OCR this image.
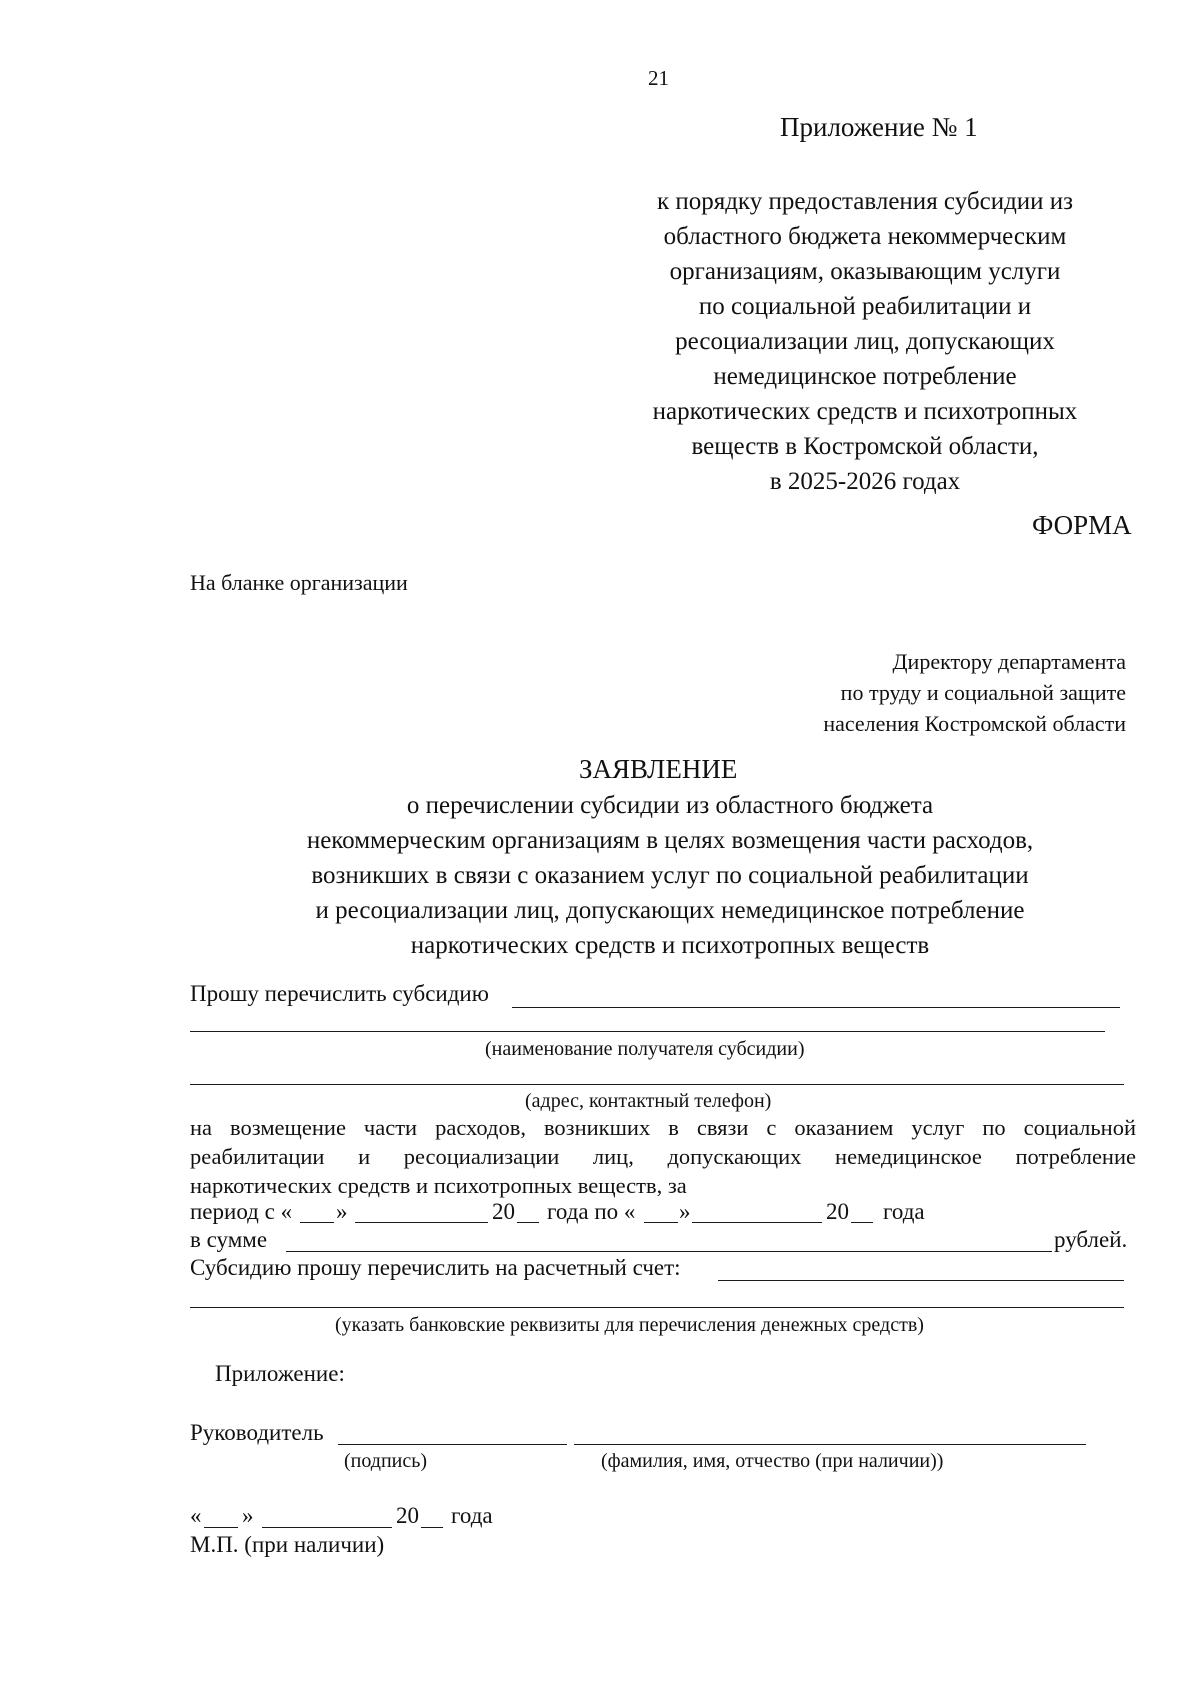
21
Приложение № 1
к порядку предоставления субсидии из
областного бюджета некоммерческим
организациям, оказывающим услуги
по социальной реабилитации и
ресоциализации лиц, допускающих
немедицинское потребление
наркотических средств и психотропных
веществ в Костромской области,
в 2025-2026 годах
ФОРМА
На бланке организации
Директору департамента
по труду и социальной защите
населения Костромской области
ЗАЯВЛЕНИЕ
о перечислении субсидии из областного бюджета
некоммерческим организациям в целях возмещения части расходов,
возникших в связи с оказанием услуг по социальной реабилитации
и ресоциализации лиц, допускающих немедицинское потребление
наркотических средств и психотропных веществ
Прошу перечислить субсидию
(наименование получателя субсидии)
(адрес, контактный телефон)
на возмещение части расходов, возникших в связи с оказанием услуг по социальной
реабилитации и ресоциализации лиц, допускающих немедицинское потребление
наркотических средств и психотропных веществ, за
период с « »	20 года по « »	20 года
в сумме	рублей.
Субсидию прошу перечислить на расчетный счет:
(указать банковские реквизиты для перечисления денежных средств)
Приложение:
Руководитель
(подпись)	(фамилия, имя, отчество (при наличии))
« »	20 года
М.П. (при наличии)
